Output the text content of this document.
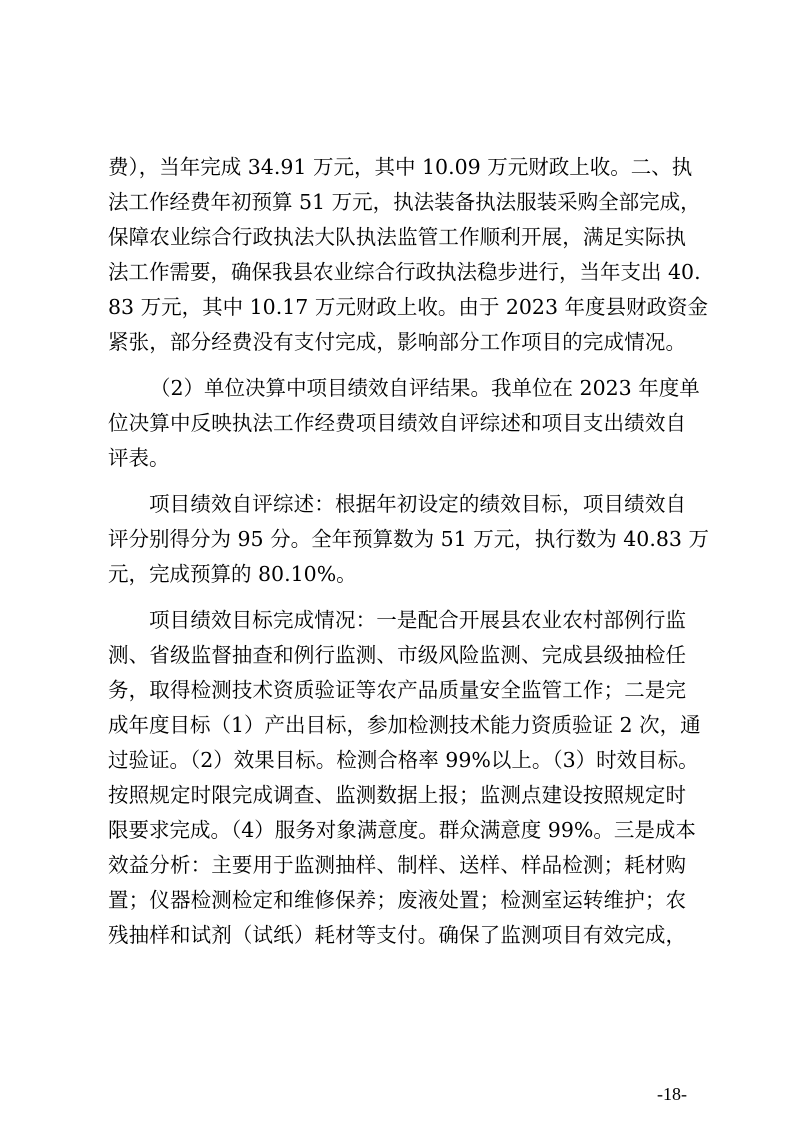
费），当年完成 34.91 万元，其中 10.09 万元财政上收。二、执
法工作经费年初预算 51 万元，执法装备执法服装采购全部完成，
保障农业综合行政执法大队执法监管工作顺利开展，满足实际执
法工作需要，确保我县农业综合行政执法稳步进行，当年支出 40.
83 万元，其中 10.17 万元财政上收。由于 2023 年度县财政资金
紧张，部分经费没有支付完成，影响部分工作项目的完成情况。
（2）单位决算中项目绩效自评结果。我单位在 2023 年度单
位决算中反映执法工作经费项目绩效自评综述和项目支出绩效自
评表。
项目绩效自评综述：根据年初设定的绩效目标，项目绩效自
评分别得分为 95 分。全年预算数为 51 万元，执行数为 40.83 万
元，完成预算的 80.10%。
项目绩效目标完成情况：一是配合开展县农业农村部例行监
测、省级监督抽查和例行监测、市级风险监测、完成县级抽检任
务，取得检测技术资质验证等农产品质量安全监管工作；二是完
成年度目标（1）产出目标，参加检测技术能力资质验证 2 次，通
过验证。（2）效果目标。检测合格率 99%以上。（3）时效目标。
按照规定时限完成调查、监测数据上报；监测点建设按照规定时
限要求完成。（4）服务对象满意度。群众满意度 99%。三是成本
效益分析：主要用于监测抽样、制样、送样、样品检测；耗材购
置；仪器检测检定和维修保养；废液处置；检测室运转维护；农
残抽样和试剂（试纸）耗材等支付。确保了监测项目有效完成，
-18-
